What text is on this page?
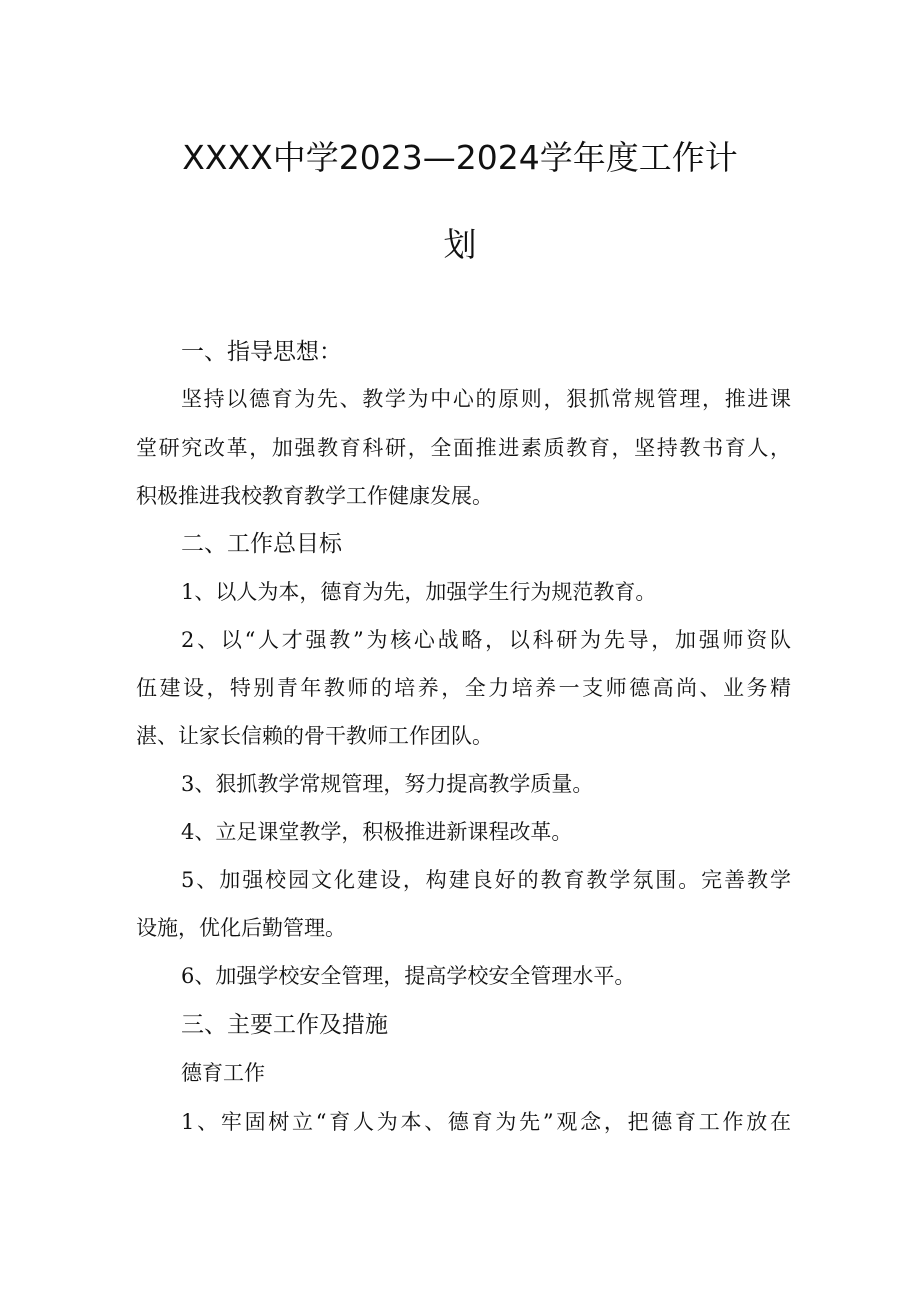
XXXX中学2023—2024学年度工作计
划
一、指导思想：
坚持以德育为先、教学为中心的原则，狠抓常规管理，推进课
堂研究改革，加强教育科研，全面推进素质教育，坚持教书育人，
积极推进我校教育教学工作健康发展。
二、工作总目标
1、以人为本，德育为先，加强学生行为规范教育。
2、以“人才强教”为核心战略，以科研为先导，加强师资队
伍建设，特别青年教师的培养，全力培养一支师德高尚、业务精
湛、让家长信赖的骨干教师工作团队。
3、狠抓教学常规管理，努力提高教学质量。
4、立足课堂教学，积极推进新课程改革。
5、加强校园文化建设，构建良好的教育教学氛围。完善教学
设施，优化后勤管理。
6、加强学校安全管理，提高学校安全管理水平。
三、主要工作及措施
德育工作
1、牢固树立“育人为本、德育为先”观念，把德育工作放在
